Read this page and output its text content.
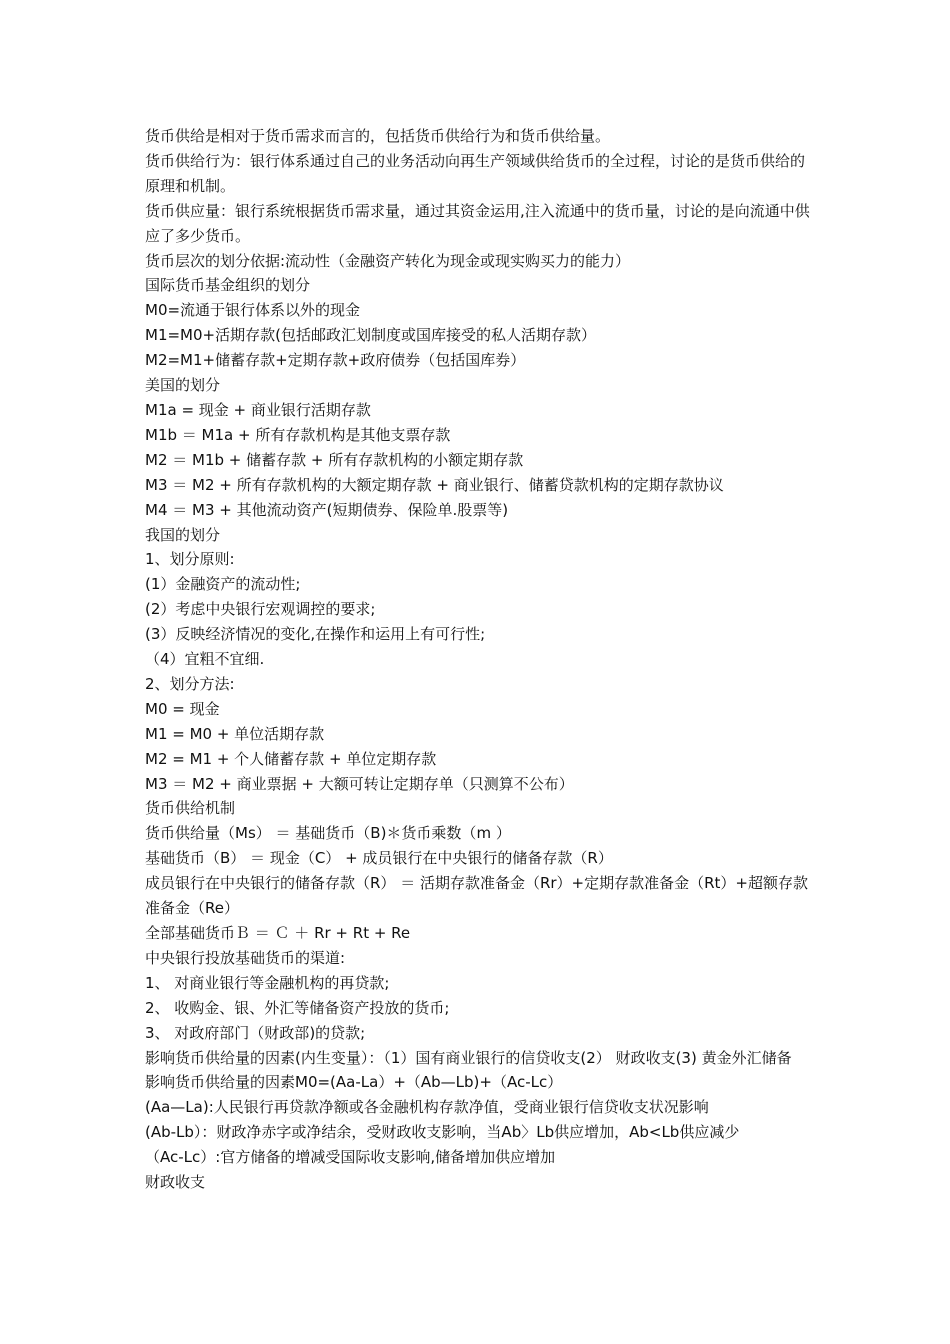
货币供给是相对于货币需求而言的，包括货币供给行为和货币供给量。

货币供给行为：银行体系通过自己的业务活动向再生产领域供给货币的全过程，讨论的是货币供给的原理和机制。

货币供应量：银行系统根据货币需求量，通过其资金运用,注入流通中的货币量，讨论的是向流通中供应了多少货币。

货币层次的划分依据:流动性（金融资产转化为现金或现实购买力的能力）

国际货币基金组织的划分

M0=流通于银行体系以外的现金

M1=M0+活期存款(包括邮政汇划制度或国库接受的私人活期存款）

M2=M1+储蓄存款+定期存款+政府债券（包括国库券）

美国的划分

M1a = 现金 + 商业银行活期存款

M1b ＝ M1a + 所有存款机构是其他支票存款

M2 ＝ M1b + 储蓄存款 + 所有存款机构的小额定期存款

M3 ＝ M2 + 所有存款机构的大额定期存款 + 商业银行、储蓄贷款机构的定期存款协议

M4 ＝ M3 + 其他流动资产(短期债券、保险单.股票等)

我国的划分

1、划分原则:

(1）金融资产的流动性;

(2）考虑中央银行宏观调控的要求;

(3）反映经济情况的变化,在操作和运用上有可行性;

（4）宜粗不宜细.

2、划分方法:

M0 = 现金

M1 = M0 + 单位活期存款

M2 = M1 + 个人储蓄存款 + 单位定期存款

M3 ＝ M2 + 商业票据 + 大额可转让定期存单（只测算不公布）

货币供给机制

货币供给量（Ms） ＝ 基础货币（B)＊货币乘数（m ）

基础货币（B） ＝ 现金（C） + 成员银行在中央银行的储备存款（R）

成员银行在中央银行的储备存款（R） ＝ 活期存款准备金（Rr）+定期存款准备金（Rt）+超额存款准备金（Re）

全部基础货币Ｂ ＝ Ｃ ＋ Rr + Rt + Re

中央银行投放基础货币的渠道:

1、 对商业银行等金融机构的再贷款;

2、 收购金、银、外汇等储备资产投放的货币;

3、 对政府部门（财政部)的贷款;

影响货币供给量的因素(内生变量）：（1）国有商业银行的信贷收支(2） 财政收支(3) 黄金外汇储备

影响货币供给量的因素M0=(Aa-La）+（Ab—Lb)+（Ac-Lc）

(Aa—La):人民银行再贷款净额或各金融机构存款净值，受商业银行信贷收支状况影响

(Ab-Lb）：财政净赤字或净结余，受财政收支影响，当Ab〉Lb供应增加，Ab<Lb供应减少

（Ac-Lc）:官方储备的增减受国际收支影响,储备增加供应增加

财政收支
